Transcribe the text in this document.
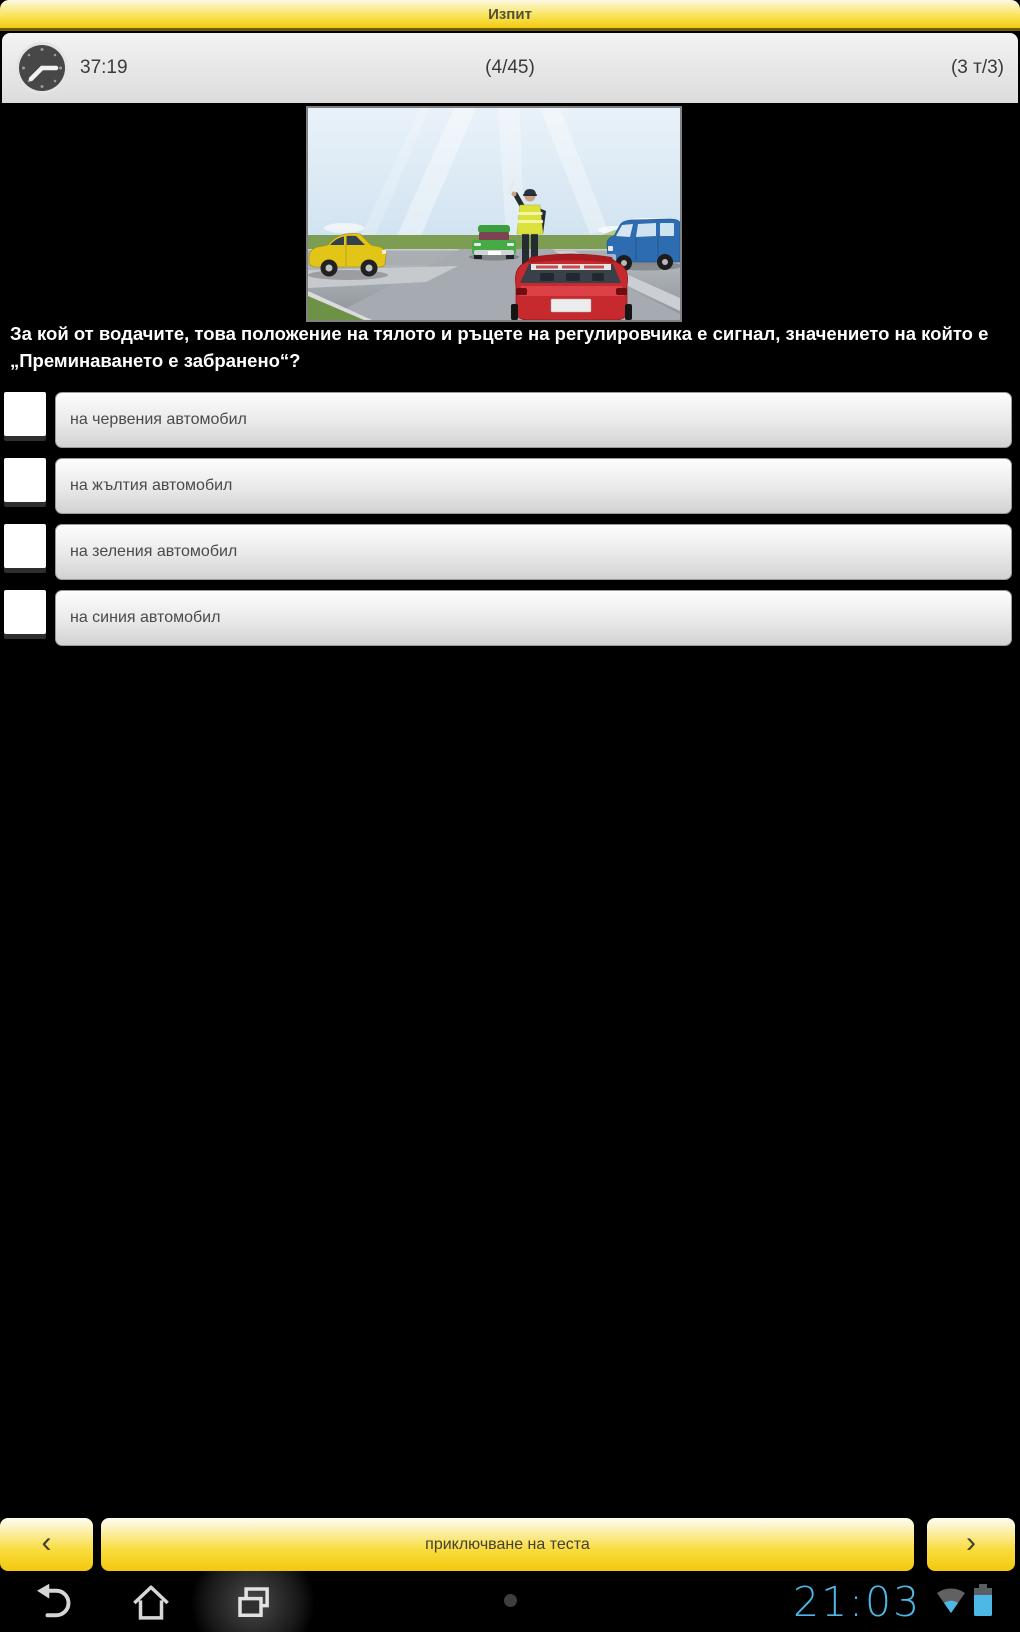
Изпит
37:19	(4/45)	(3 т/3)
За кой от водачите, това положение на тялото и ръцете на регулировчика е сигнал, значението на който е „Преминаването е забранено“?
на червения автомобил
на жълтия автомобил
на зеления автомобил
на синия автомобил
‹	приключване на теста	›
21:03
